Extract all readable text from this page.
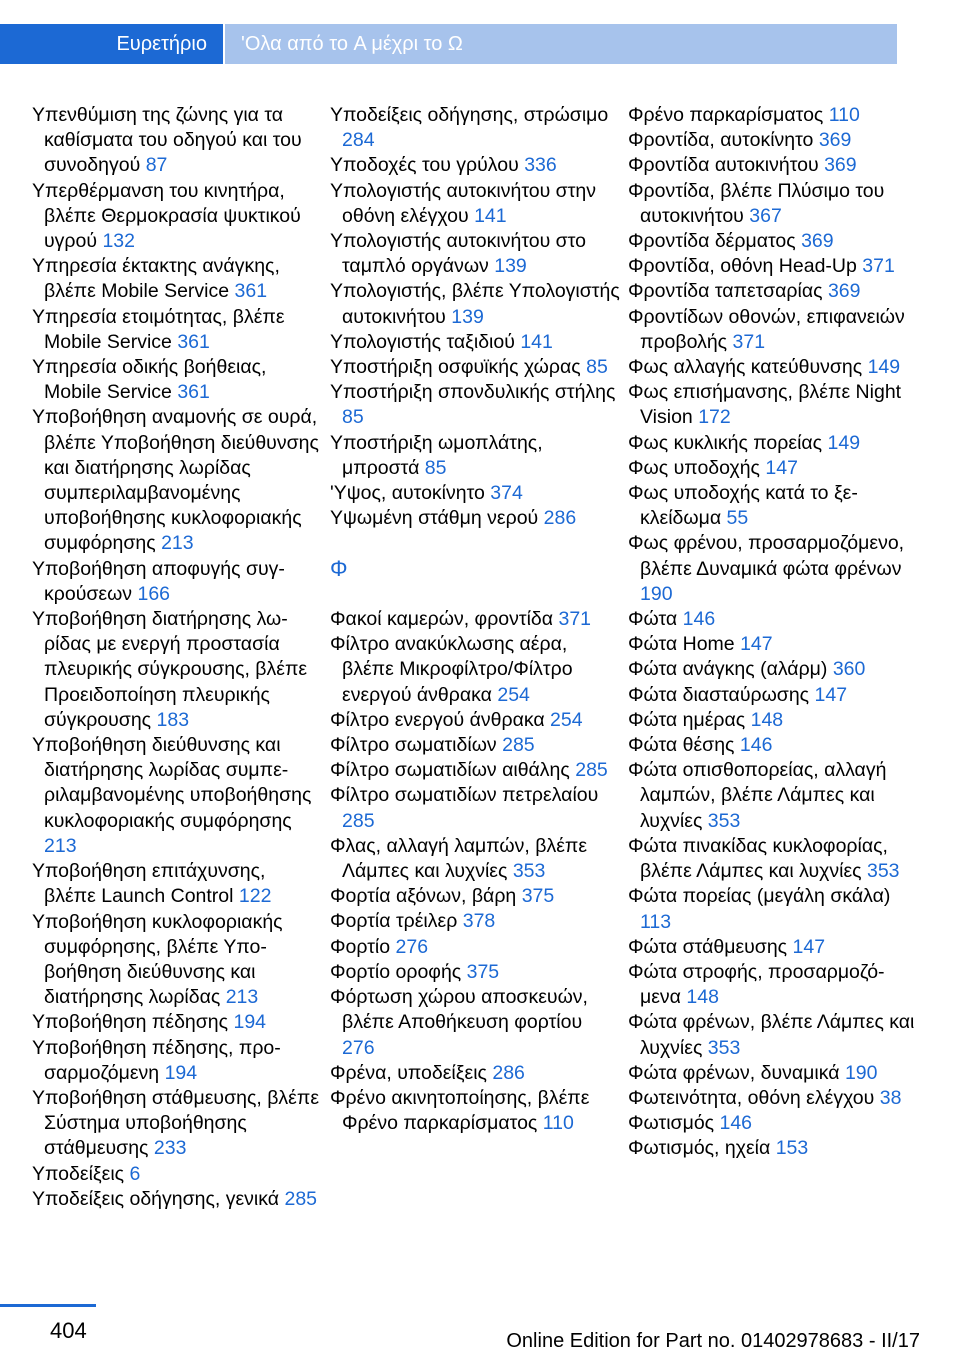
Ευρετήριο	'Ολα από το A μέχρι το Ω
Υπενθύμιση της ζώνης για τα καθίσματα του οδηγού και του συνοδηγού 87
Υπερθέρμανση του κινητήρα, βλέπε Θερμοκρασία ψυκτικού υγρού 132
Υπηρεσία έκτακτης ανάγκης, βλέπε Mobile Service 361
Υπηρεσία ετοιμότητας, βλέπε Mobile Service 361
Υπηρεσία οδικής βοήθειας, Mobile Service 361
Υποβοήθηση αναμονής σε ουρά, βλέπε Υποβοήθηση διεύθυνσης και διατήρησης λωρίδας συμπεριλαμβανομένης υποβοήθησης κυκλοφοριακής συμφόρησης 213
Υποβοήθηση αποφυγής συγκρούσεων 166
Υποβοήθηση διατήρησης λωρίδας με ενεργή προστασία πλευρικής σύγκρουσης, βλέπε Προειδοποίηση πλευρικής σύγκρουσης 183
Υποβοήθηση διεύθυνσης και διατήρησης λωρίδας συμπεριλαμβανομένης υποβοήθησης κυκλοφοριακής συμφόρησης 213
Υποβοήθηση επιτάχυνσης, βλέπε Launch Control 122
Υποβοήθηση κυκλοφοριακής συμφόρησης, βλέπε Υποβοήθηση διεύθυνσης και διατήρησης λωρίδας 213
Υποβοήθηση πέδησης 194
Υποβοήθηση πέδησης, προσαρμοζόμενη 194
Υποβοήθηση στάθμευσης, βλέπε Σύστημα υποβοήθησης στάθμευσης 233
Υποδείξεις 6
Υποδείξεις οδήγησης, γενικά 285
Υποδείξεις οδήγησης, στρώσιμο 284
Υποδοχές του γρύλου 336
Υπολογιστής αυτοκινήτου στην οθόνη ελέγχου 141
Υπολογιστής αυτοκινήτου στο ταμπλό οργάνων 139
Υπολογιστής, βλέπε Υπολογιστής αυτοκινήτου 139
Υπολογιστής ταξιδιού 141
Υποστήριξη οσφυϊκής χώρας 85
Υποστήριξη σπονδυλικής στήλης 85
Υποστήριξη ωμοπλάτης, μπροστά 85
'Υψος, αυτοκίνητο 374
Υψωμένη στάθμη νερού 286
Φ
Φακοί καμερών, φροντίδα 371
Φίλτρο ανακύκλωσης αέρα, βλέπε Μικροφίλτρο/Φίλτρο ενεργού άνθρακα 254
Φίλτρο ενεργού άνθρακα 254
Φίλτρο σωματιδίων 285
Φίλτρο σωματιδίων αιθάλης 285
Φίλτρο σωματιδίων πετρελαίου 285
Φλας, αλλαγή λαμπών, βλέπε Λάμπες και λυχνίες 353
Φορτία αξόνων, βάρη 375
Φορτία τρέιλερ 378
Φορτίο 276
Φορτίο οροφής 375
Φόρτωση χώρου αποσκευών, βλέπε Αποθήκευση φορτίου 276
Φρένα, υποδείξεις 286
Φρένο ακινητοποίησης, βλέπε Φρένο παρκαρίσματος 110
Φρένο παρκαρίσματος 110
Φροντίδα, αυτοκίνητο 369
Φροντίδα αυτοκινήτου 369
Φροντίδα, βλέπε Πλύσιμο του αυτοκινήτου 367
Φροντίδα δέρματος 369
Φροντίδα, οθόνη Head-Up 371
Φροντίδα ταπετσαρίας 369
Φροντίδων οθονών, επιφανειών προβολής 371
Φως αλλαγής κατεύθυνσης 149
Φως επισήμανσης, βλέπε Night Vision 172
Φως κυκλικής πορείας 149
Φως υποδοχής 147
Φως υποδοχής κατά το ξεκλείδωμα 55
Φως φρένου, προσαρμοζόμενο, βλέπε Δυναμικά φώτα φρένων 190
Φώτα 146
Φώτα Home 147
Φώτα ανάγκης (αλάρμ) 360
Φώτα διασταύρωσης 147
Φώτα ημέρας 148
Φώτα θέσης 146
Φώτα οπισθοπορείας, αλλαγή λαμπών, βλέπε Λάμπες και λυχνίες 353
Φώτα πινακίδας κυκλοφορίας, βλέπε Λάμπες και λυχνίες 353
Φώτα πορείας (μεγάλη σκάλα) 113
Φώτα στάθμευσης 147
Φώτα στροφής, προσαρμοζόμενα 148
Φώτα φρένων, βλέπε Λάμπες και λυχνίες 353
Φώτα φρένων, δυναμικά 190
Φωτεινότητα, οθόνη ελέγχου 38
Φωτισμός 146
Φωτισμός, ηχεία 153
404	Online Edition for Part no. 01402978683 - II/17
